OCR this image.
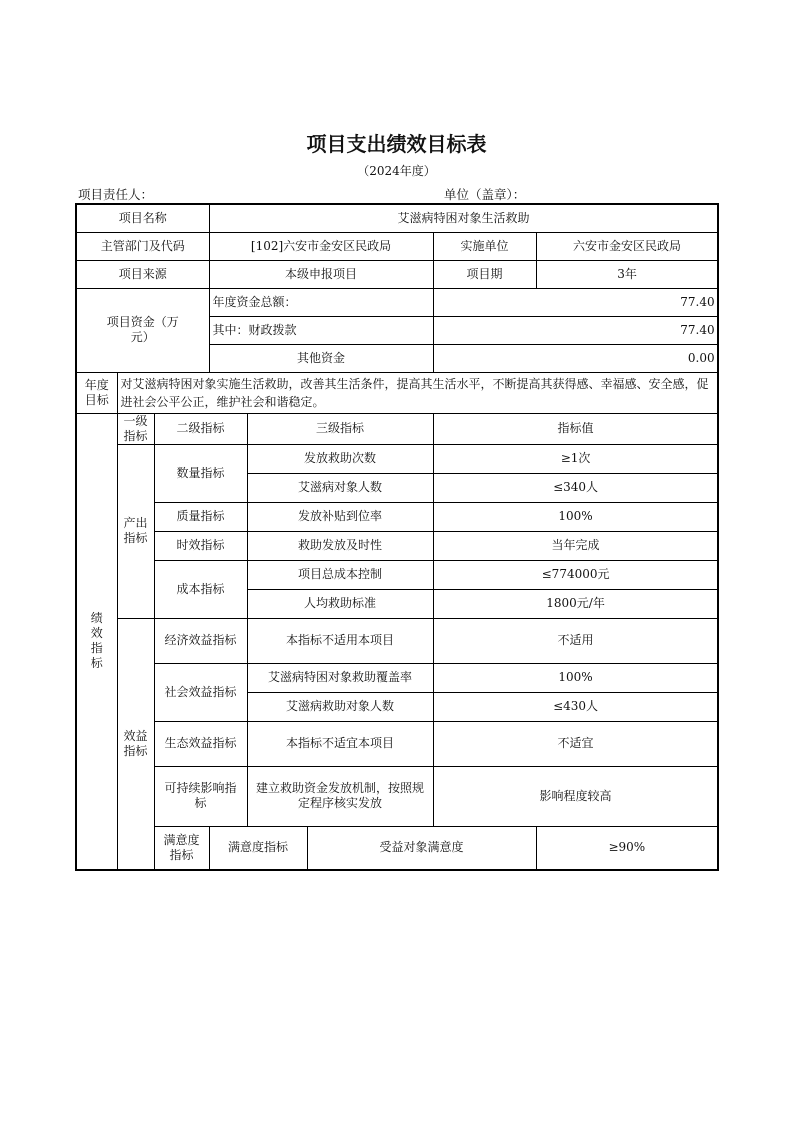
项目支出绩效目标表
（2024年度）
项目责任人：	单位（盖章）：
项目名称			艾滋病特困对象生活救助				
主管部门及代码			[102]六安市金安区民政局			实施单位	六安市金安区民政局
项目来源			本级申报项目			项目期	3年
项目资金（万元）			年度资金总额：			77.40	
			其中：财政拨款			77.40	
			其他资金			0.00	
年度目标	对艾滋病特困对象实施生活救助，改善其生活条件，提高其生活水平，不断提高其获得感、幸福感、安全感，促进社会公平公正，维护社会和谐稳定。						
绩效指标	一级指标	二级指标		三级指标		指标值	
	产出指标	数量指标		发放救助次数		≥1次	
				艾滋病对象人数		≤340人	
		质量指标		发放补贴到位率		100%	
		时效指标		救助发放及时性		当年完成	
		成本指标		项目总成本控制		≤774000元	
				人均救助标准		1800元/年	
	效益指标	经济效益指标		本指标不适用本项目		不适用	
		社会效益指标		艾滋病特困对象救助覆盖率		100%	
				艾滋病救助对象人数		≤430人	
		生态效益指标		本指标不适宜本项目		不适宜	
		可持续影响指标		建立救助资金发放机制，按照规定程序核实发放		影响程度较高	
		满意度指标	满意度指标		受益对象满意度		≥90%
